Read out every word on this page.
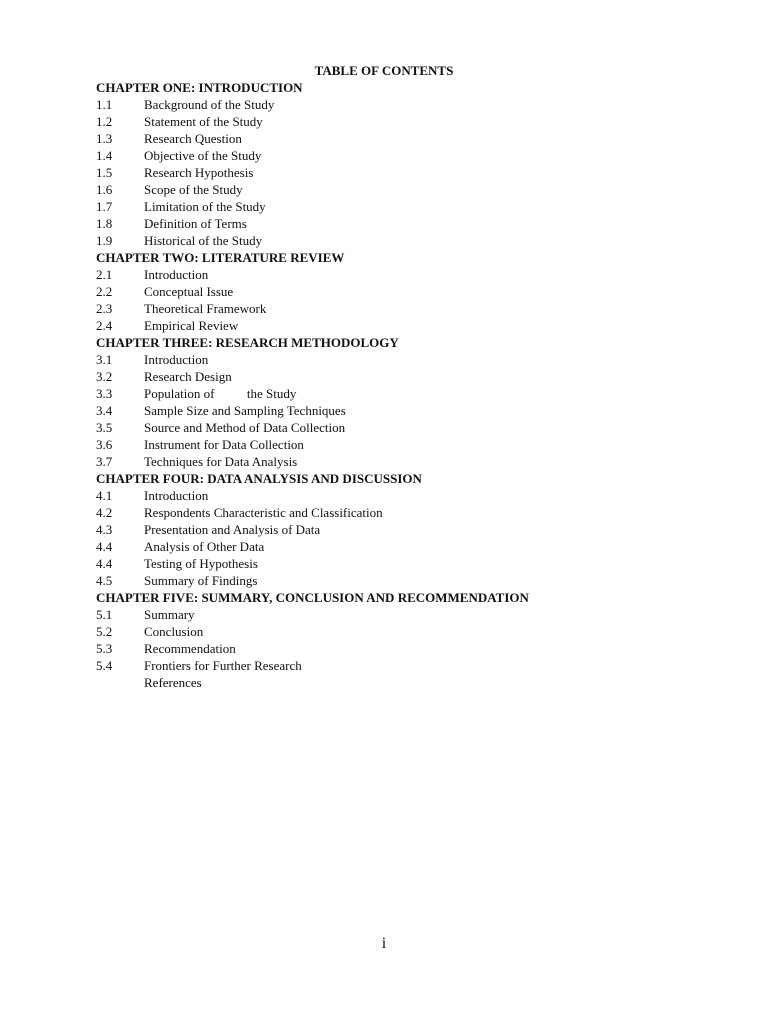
TABLE OF CONTENTS
CHAPTER ONE: INTRODUCTION
1.1 Background of the Study
1.2 Statement of the Study
1.3 Research Question
1.4 Objective of the Study
1.5 Research Hypothesis
1.6 Scope of the Study
1.7 Limitation of the Study
1.8 Definition of Terms
1.9 Historical of the Study
CHAPTER TWO: LITERATURE REVIEW
2.1 Introduction
2.2 Conceptual Issue
2.3 Theoretical Framework
2.4 Empirical Review
CHAPTER THREE: RESEARCH METHODOLOGY
3.1 Introduction
3.2 Research Design
3.3 Population of          the Study
3.4 Sample Size and Sampling Techniques
3.5 Source and Method of Data Collection
3.6 Instrument for Data Collection
3.7 Techniques for Data Analysis
CHAPTER FOUR: DATA ANALYSIS AND DISCUSSION
4.1 Introduction
4.2 Respondents Characteristic and Classification
4.3 Presentation and Analysis of Data
4.4 Analysis of Other Data
4.4 Testing of Hypothesis
4.5 Summary of Findings
CHAPTER FIVE: SUMMARY, CONCLUSION AND RECOMMENDATION
5.1 Summary
5.2 Conclusion
5.3 Recommendation
5.4 Frontiers for Further Research
References
i
